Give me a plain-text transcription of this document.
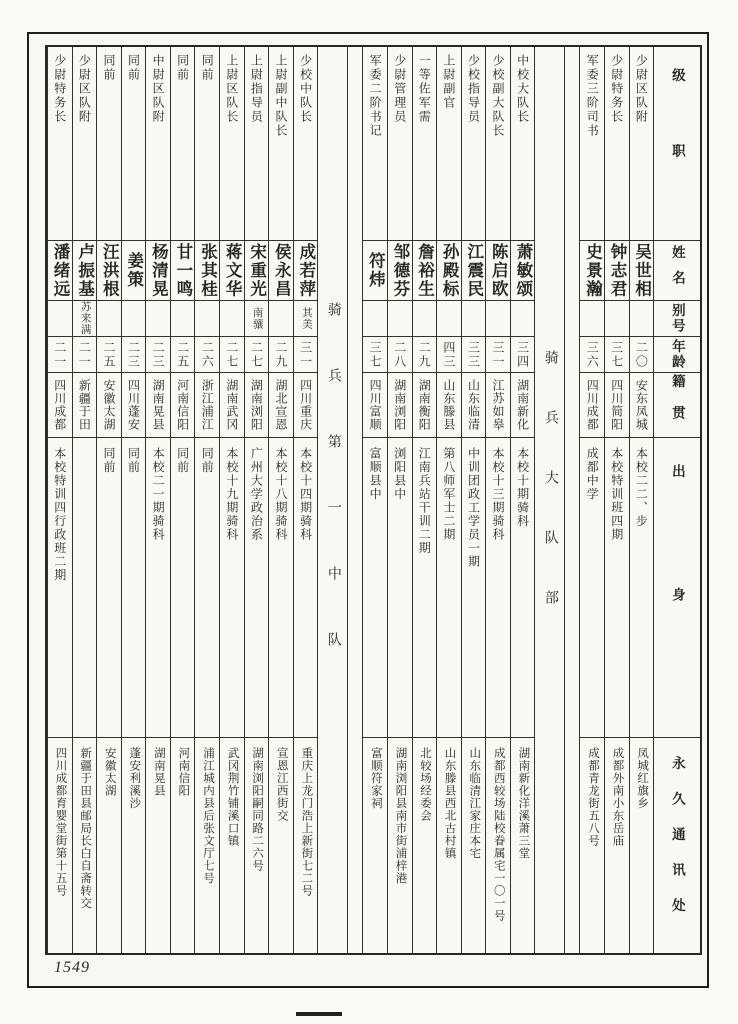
少尉特务长
潘绪远
二一
四川成都
本校特训四行政班二期
四川成都育婴堂街第十五号
少尉区队附
卢振基
苏来满
二一
新疆于田
新疆于田县邮局长白自斋转交
同前
汪洪根
二五
安徽太湖
同前
安徽太湖
同前
姜策
二三
四川蓬安
同前
蓬安利溪沙
中尉区队附
杨清晃
二三
湖南晃县
本校二一期骑科
湖南晃县
同前
甘一鸣
二五
河南信阳
同前
河南信阳
同前
张其桂
二六
浙江浦江
同前
浦江城内县后张文厅七号
上尉区队长
蒋文华
二七
湖南武冈
本校十九期骑科
武冈荆竹铺溪口镇
上尉指导员
宋重光
南骧
二七
湖南浏阳
广州大学政治系
湖南浏阳嗣同路二六号
上尉副中队长
侯永昌
二九
湖北宣恩
本校十八期骑科
宣恩江西街交
少校中队长
成若萍
其美
三一
四川重庆
本校十四期骑科
重庆上龙门浩上新街七二号
骑兵第一中队
军委二阶书记
符炜
三七
四川富顺
富顺县中
富顺符家祠
少尉管理员
邹德芬
二八
湖南浏阳
浏阳县中
湖南浏阳县南市街浦梓港
一等佐军需
詹裕生
二九
湖南衡阳
江南兵站干训二期
北较场经委会
上尉副官
孙殿标
四三
山东滕县
第八师军士二期
山东滕县西北古村镇
少校指导员
江震民
三三
山东临清
中训团政工学员一期
山东临清江家庄本宅
少校副大队长
陈启欧
三一
江苏如皋
本校十三期骑科
成都西较场陆校眷属宅一〇一号
中校大队长
萧敏颂
三四
湖南新化
本校十期骑科
湖南新化洋溪萧三堂
骑兵大队部
军委三阶司书
史景瀚
三六
四川成都
成都中学
成都青龙街五八号
少尉特务长
钟志君
三七
四川简阳
本校特训班四期
成都外南小东岳庙
少尉区队附
吴世相
二〇
安东凤城
本校二二、步
凤城红旗乡
级职
姓名
别号
年龄
籍贯
出身
永久通讯处
1549
